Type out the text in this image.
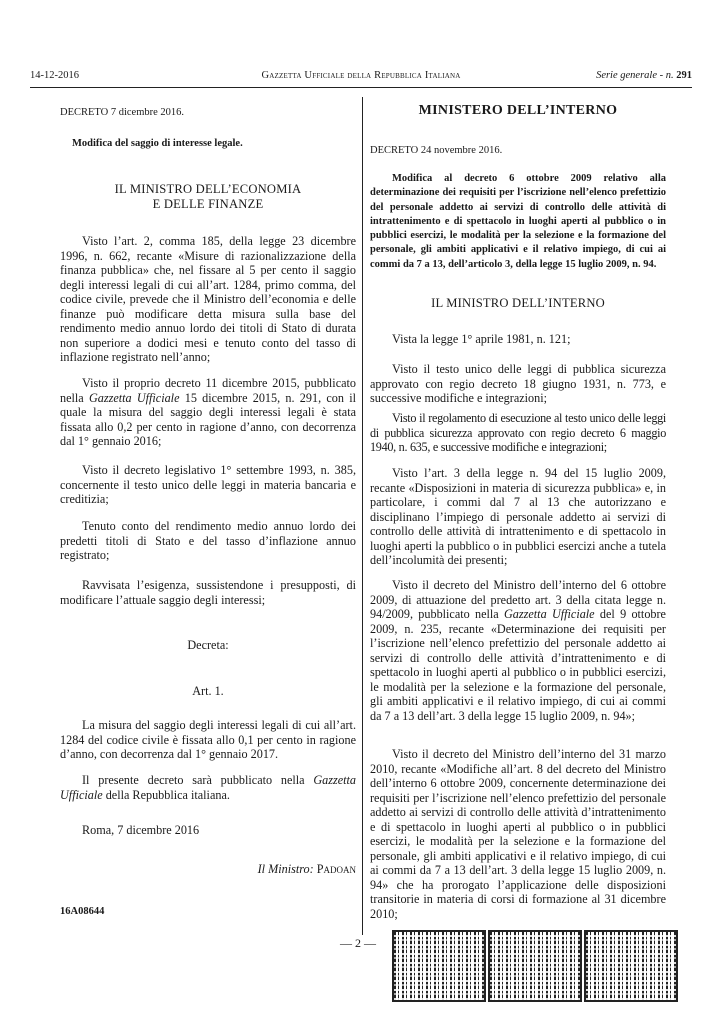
14-12-2016	Gazzetta Ufficiale della Repubblica Italiana	Serie generale - n. 291
DECRETO 7 dicembre 2016.
Modifica del saggio di interesse legale.
IL MINISTRO DELL’ECONOMIA
E DELLE FINANZE

Visto l’art. 2, comma 185, della legge 23 dicembre 1996, n. 662, recante «Misure di razionalizzazione della finanza pubblica» che, nel fissare al 5 per cento il saggio degli interessi legali di cui all’art. 1284, primo comma, del codice civile, prevede che il Ministro dell’economia e delle finanze può modificare detta misura sulla base del rendimento medio annuo lordo dei titoli di Stato di durata non superiore a dodici mesi e tenuto conto del tasso di inflazione registrato nell’anno;

Visto il proprio decreto 11 dicembre 2015, pubblicato nella Gazzetta Ufficiale 15 dicembre 2015, n. 291, con il quale la misura del saggio degli interessi legali è stata fissata allo 0,2 per cento in ragione d’anno, con decorrenza dal 1° gennaio 2016;

Visto il decreto legislativo 1° settembre 1993, n. 385, concernente il testo unico delle leggi in materia bancaria e creditizia;

Tenuto conto del rendimento medio annuo lordo dei predetti titoli di Stato e del tasso d’inflazione annuo registrato;

Ravvisata l’esigenza, sussistendone i presupposti, di modificare l’attuale saggio degli interessi;

Decreta:
Art. 1.

La misura del saggio degli interessi legali di cui all’art. 1284 del codice civile è fissata allo 0,1 per cento in ragione d’anno, con decorrenza dal 1° gennaio 2017.

Il presente decreto sarà pubblicato nella Gazzetta Ufficiale della Repubblica italiana.

Roma, 7 dicembre 2016

Il Ministro: Padoan
16A08644
MINISTERO DELL’INTERNO
DECRETO 24 novembre 2016.

Modifica al decreto 6 ottobre 2009 relativo alla determinazione dei requisiti per l’iscrizione nell’elenco prefettizio del personale addetto ai servizi di controllo delle attività di intrattenimento e di spettacolo in luoghi aperti al pubblico o in pubblici esercizi, le modalità per la selezione e la formazione del personale, gli ambiti applicativi e il relativo impiego, di cui ai commi da 7 a 13, dell’articolo 3, della legge 15 luglio 2009, n. 94.

IL MINISTRO DELL’INTERNO

Vista la legge 1° aprile 1981, n. 121;

Visto il testo unico delle leggi di pubblica sicurezza approvato con regio decreto 18 giugno 1931, n. 773, e successive modifiche e integrazioni;

Visto il regolamento di esecuzione al testo unico delle leggi di pubblica sicurezza approvato con regio decreto 6 maggio 1940, n. 635, e successive modifiche e integrazioni;

Visto l’art. 3 della legge n. 94 del 15 luglio 2009, recante «Disposizioni in materia di sicurezza pubblica» e, in particolare, i commi dal 7 al 13 che autorizzano e disciplinano l’impiego di personale addetto ai servizi di controllo delle attività di intrattenimento e di spettacolo in luoghi aperti la pubblico o in pubblici esercizi anche a tutela dell’incolumità dei presenti;

Visto il decreto del Ministro dell’interno del 6 ottobre 2009, di attuazione del predetto art. 3 della citata legge n. 94/2009, pubblicato nella Gazzetta Ufficiale del 9 ottobre 2009, n. 235, recante «Determinazione dei requisiti per l’iscrizione nell’elenco prefettizio del personale addetto ai servizi di controllo delle attività d’intrattenimento e di spettacolo in luoghi aperti al pubblico o in pubblici esercizi, le modalità per la selezione e la formazione del personale, gli ambiti applicativi e il relativo impiego, di cui ai commi da 7 a 13 dell’art. 3 della legge 15 luglio 2009, n. 94»;

Visto il decreto del Ministro dell’interno del 31 marzo 2010, recante «Modifiche all’art. 8 del decreto del Ministro dell’interno 6 ottobre 2009, concernente determinazione dei requisiti per l’iscrizione nell’elenco prefettizio del personale addetto ai servizi di controllo delle attività d’intrattenimento e di spettacolo in luoghi aperti al pubblico o in pubblici esercizi, le modalità per la selezione e la formazione del personale, gli ambiti applicativi e il relativo impiego, di cui ai commi da 7 a 13 dell’art. 3 della legge 15 luglio 2009, n. 94» che ha prorogato l’applicazione delle disposizioni transitorie in materia di corsi di formazione al 31 dicembre 2010;

— 2 —
